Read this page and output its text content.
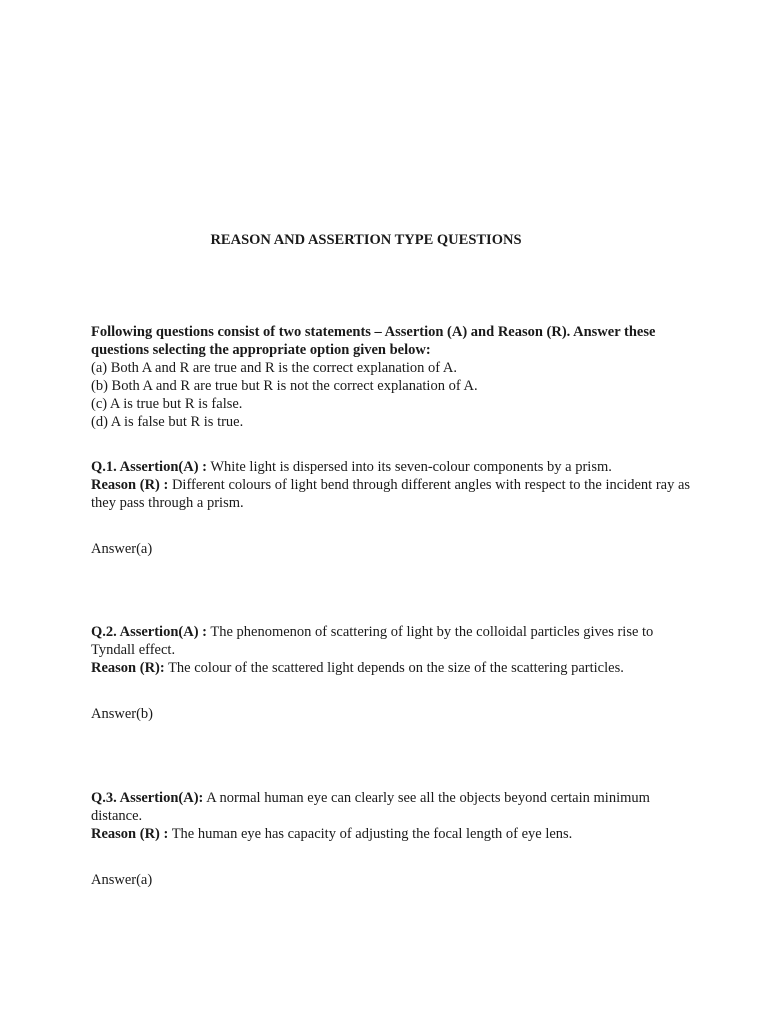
REASON AND ASSERTION TYPE QUESTIONS
Following questions consist of two statements – Assertion (A) and Reason (R). Answer these questions selecting the appropriate option given below:
(a) Both A and R are true and R is the correct explanation of A.
(b) Both A and R are true but R is not the correct explanation of A.
(c) A is true but R is false.
(d) A is false but R is true.
Q.1. Assertion(A) : White light is dispersed into its seven-colour components by a prism.
Reason (R) : Different colours of light bend through different angles with respect to the incident ray as they pass through a prism.
Answer(a)
Q.2. Assertion(A) : The phenomenon of scattering of light by the colloidal particles gives rise to Tyndall effect.
Reason (R): The colour of the scattered light depends on the size of the scattering particles.
Answer(b)
Q.3. Assertion(A): A normal human eye can clearly see all the objects beyond certain minimum distance.
Reason (R) : The human eye has capacity of adjusting the focal length of eye lens.
Answer(a)
